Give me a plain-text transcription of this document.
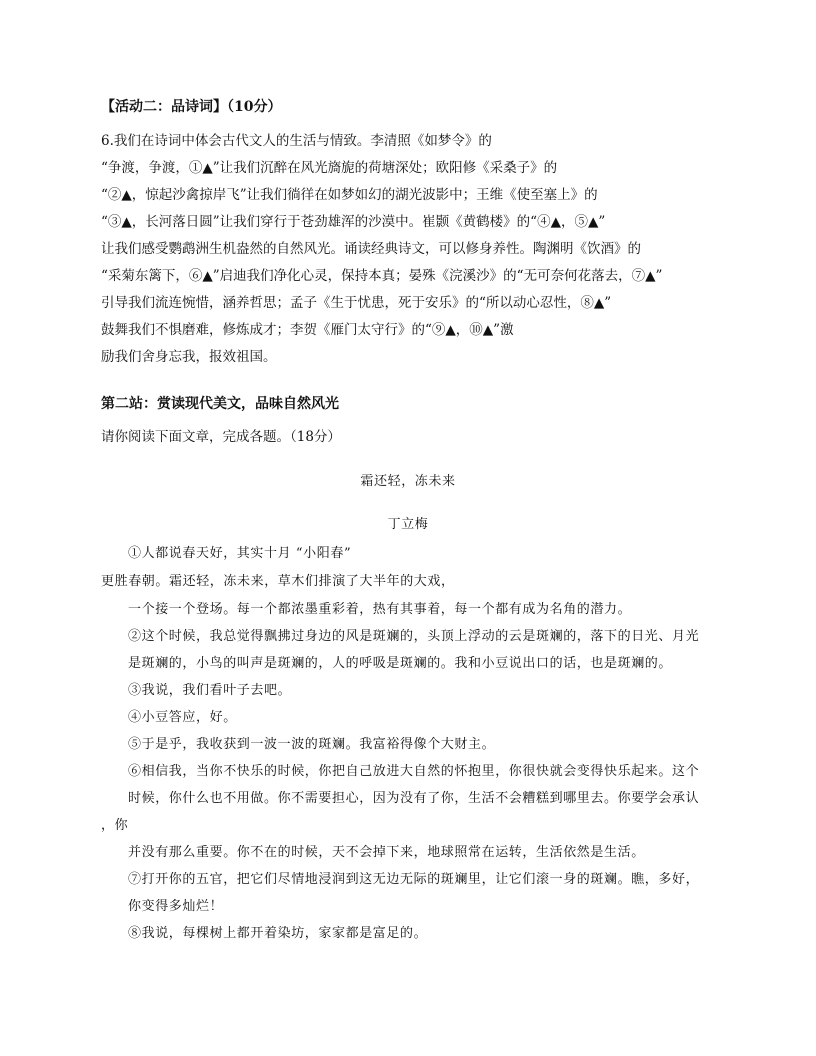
【活动二：品诗词】（10分）
6.我们在诗词中体会古代文人的生活与情致。李清照《如梦令》的
“争渡，争渡，①▲”让我们沉醉在风光旖旎的荷塘深处；欧阳修《采桑子》的
“②▲，惊起沙禽掠岸飞”让我们徜徉在如梦如幻的湖光波影中；王维《使至塞上》的
“③▲，长河落日圆”让我们穿行于苍劲雄浑的沙漠中。崔颢《黄鹤楼》的“④▲，⑤▲”
让我们感受鹦鹉洲生机盎然的自然风光。诵读经典诗文，可以修身养性。陶渊明《饮酒》的
“采菊东篱下，⑥▲”启迪我们净化心灵，保持本真；晏殊《浣溪沙》的“无可奈何花落去，⑦▲”
引导我们流连惋惜，涵养哲思；孟子《生于忧患，死于安乐》的“所以动心忍性，⑧▲”
鼓舞我们不惧磨难，修炼成才；李贺《雁门太守行》的“⑨▲，⑩▲”激
励我们舍身忘我，报效祖国。
第二站：赏读现代美文，品味自然风光
请你阅读下面文章，完成各题。（18分）
霜还轻，冻未来
丁立梅
①人都说春天好，其实十月 “小阳春”
更胜春朝。霜还轻，冻未来，草木们排演了大半年的大戏，
一个接一个登场。每一个都浓墨重彩着，热有其事着，每一个都有成为名角的潜力。
②这个时候，我总觉得飘拂过身边的风是斑斓的，头顶上浮动的云是斑斓的，落下的日光、月光
是斑斓的，小鸟的叫声是斑斓的，人的呼吸是斑斓的。我和小豆说出口的话，也是斑斓的。
③我说，我们看叶子去吧。
④小豆答应，好。
⑤于是乎，我收获到一波一波的斑斓。我富裕得像个大财主。
⑥相信我，当你不快乐的时候，你把自己放进大自然的怀抱里，你很快就会变得快乐起来。这个
时候，你什么也不用做。你不需要担心，因为没有了你，生活不会糟糕到哪里去。你要学会承认
，你
并没有那么重要。你不在的时候，天不会掉下来，地球照常在运转，生活依然是生活。
⑦打开你的五官，把它们尽情地浸润到这无边无际的斑斓里，让它们滚一身的斑斓。瞧，多好，
你变得多灿烂！
⑧我说，每棵树上都开着染坊，家家都是富足的。
